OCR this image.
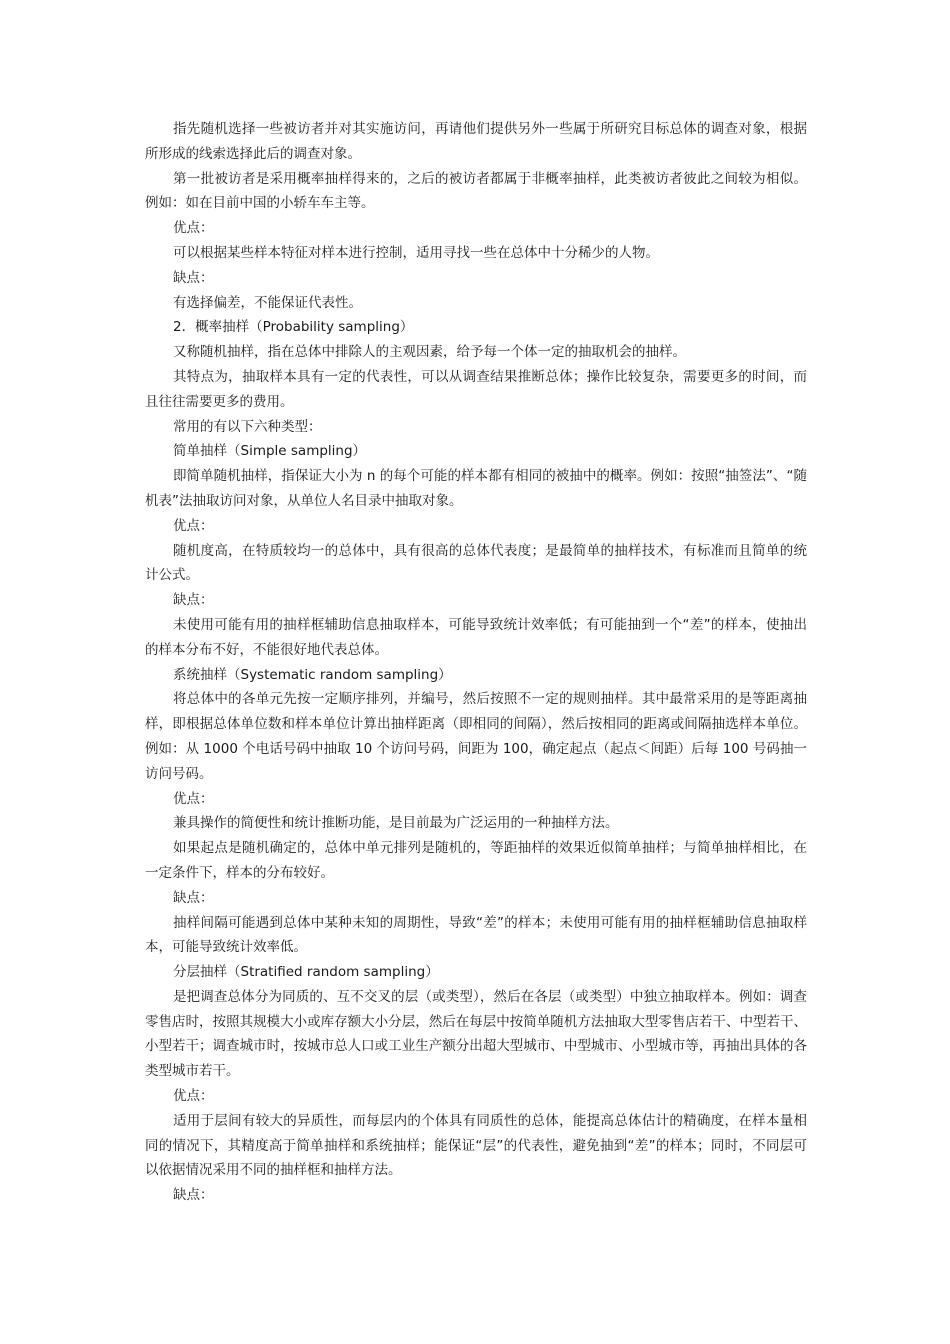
指先随机选择一些被访者并对其实施访问，再请他们提供另外一些属于所研究目标总体的调查对象，根据所形成的线索选择此后的调查对象。

第一批被访者是采用概率抽样得来的，之后的被访者都属于非概率抽样，此类被访者彼此之间较为相似。例如：如在目前中国的小轿车车主等。

优点：

可以根据某些样本特征对样本进行控制，适用寻找一些在总体中十分稀少的人物。

缺点：

有选择偏差，不能保证代表性。

2．概率抽样（Probability sampling）

又称随机抽样，指在总体中排除人的主观因素，给予每一个体一定的抽取机会的抽样。

其特点为，抽取样本具有一定的代表性，可以从调查结果推断总体；操作比较复杂，需要更多的时间，而且往往需要更多的费用。

常用的有以下六种类型：

简单抽样（Simple sampling）

即简单随机抽样，指保证大小为 n 的每个可能的样本都有相同的被抽中的概率。例如：按照“抽签法”、“随机表”法抽取访问对象，从单位人名目录中抽取对象。

优点：

随机度高，在特质较均一的总体中，具有很高的总体代表度；是最简单的抽样技术，有标准而且简单的统计公式。

缺点：

未使用可能有用的抽样框辅助信息抽取样本，可能导致统计效率低；有可能抽到一个“差”的样本，使抽出的样本分布不好，不能很好地代表总体。

系统抽样（Systematic random sampling）

将总体中的各单元先按一定顺序排列，并编号，然后按照不一定的规则抽样。其中最常采用的是等距离抽样，即根据总体单位数和样本单位计算出抽样距离（即相同的间隔），然后按相同的距离或间隔抽选样本单位。例如：从 1000 个电话号码中抽取 10 个访问号码，间距为 100，确定起点（起点＜间距）后每 100 号码抽一访问号码。

优点：

兼具操作的简便性和统计推断功能，是目前最为广泛运用的一种抽样方法。

如果起点是随机确定的，总体中单元排列是随机的，等距抽样的效果近似简单抽样；与简单抽样相比，在一定条件下，样本的分布较好。

缺点：

抽样间隔可能遇到总体中某种未知的周期性，导致“差”的样本；未使用可能有用的抽样框辅助信息抽取样本，可能导致统计效率低。

分层抽样（Stratified random sampling）

是把调查总体分为同质的、互不交叉的层（或类型），然后在各层（或类型）中独立抽取样本。例如：调查零售店时，按照其规模大小或库存额大小分层，然后在每层中按简单随机方法抽取大型零售店若干、中型若干、小型若干；调查城市时，按城市总人口或工业生产额分出超大型城市、中型城市、小型城市等，再抽出具体的各类型城市若干。

优点：

适用于层间有较大的异质性，而每层内的个体具有同质性的总体，能提高总体估计的精确度，在样本量相同的情况下，其精度高于简单抽样和系统抽样；能保证“层”的代表性，避免抽到“差”的样本；同时，不同层可以依据情况采用不同的抽样框和抽样方法。

缺点：
